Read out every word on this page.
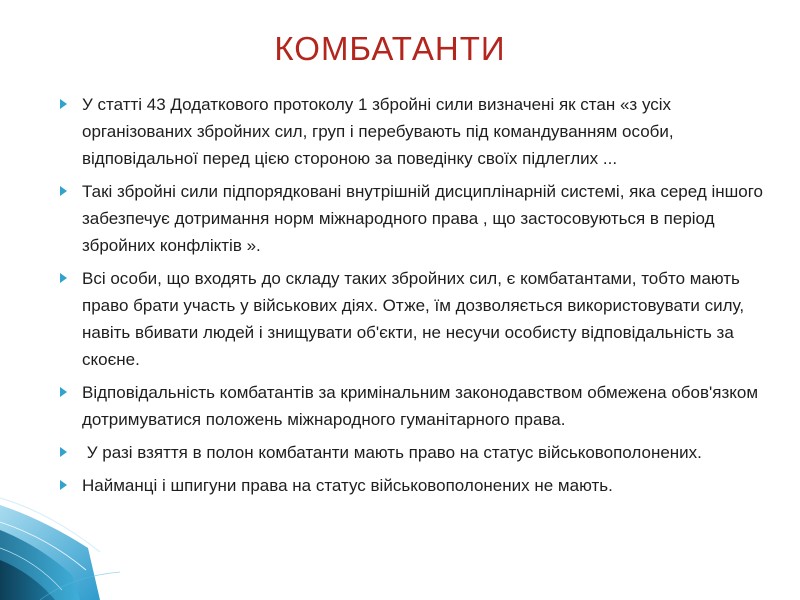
КОМБАТАНТИ
У статті 43 Додаткового протоколу 1 збройні сили визначені як стан «з усіх організованих збройних сил, груп і перебувають під командуванням особи, відповідальної перед цією стороною за поведінку своїх підлеглих ...
Такі збройні сили підпорядковані внутрішній дисциплінарній системі, яка серед іншого забезпечує дотримання норм міжнародного права , що застосовуються в період збройних конфліктів ».
Всі особи, що входять до складу таких збройних сил, є комбатантами, тобто мають право брати участь у військових діях. Отже, їм дозволяється використовувати силу, навіть вбивати людей і знищувати об'єкти, не несучи особисту відповідальність за скоєне.
Відповідальність комбатантів за кримінальним законодавством обмежена обов'язком дотримуватися положень міжнародного гуманітарного права.
У разі взяття в полон комбатанти мають право на статус військовополонених.
Найманці і шпигуни права на статус військовополонених не мають.
